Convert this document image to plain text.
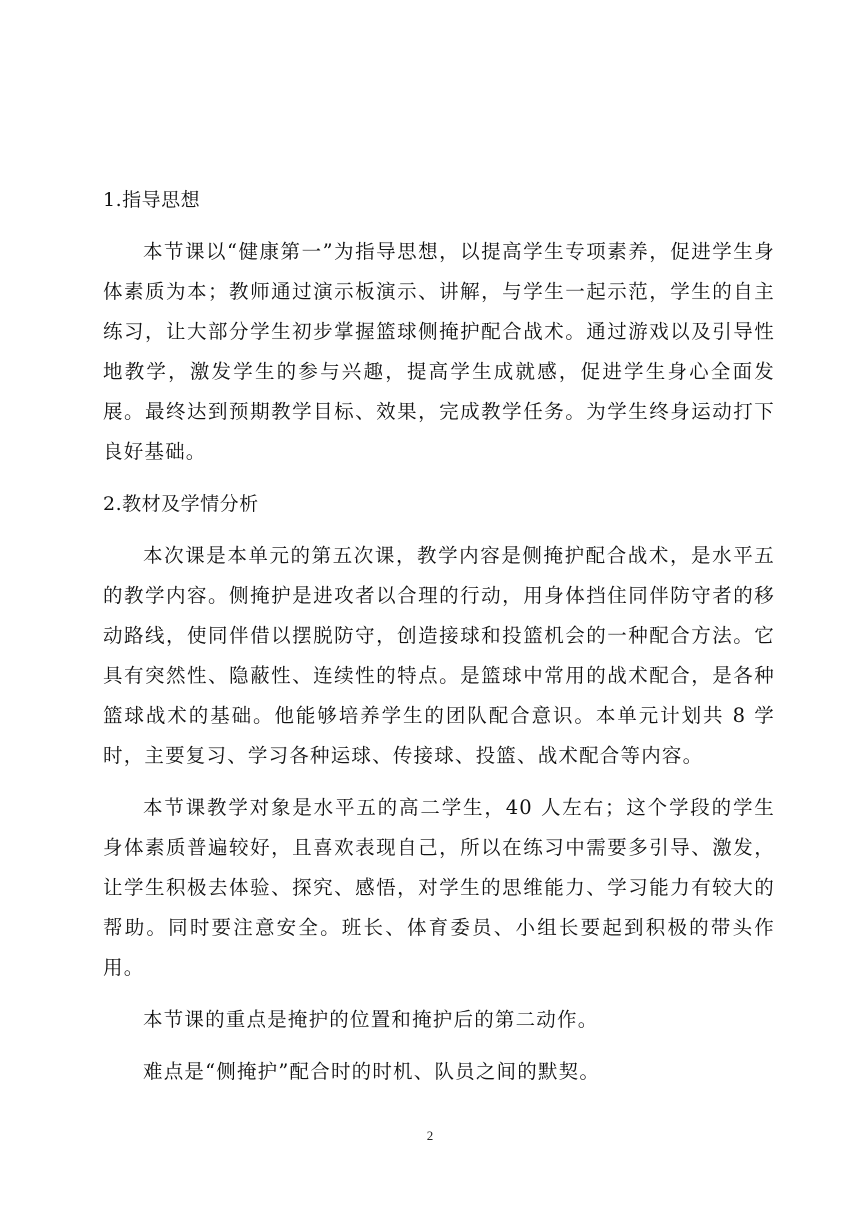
1.指导思想

本节课以“健康第一”为指导思想，以提高学生专项素养，促进学生身体素质为本；教师通过演示板演示、讲解，与学生一起示范，学生的自主练习，让大部分学生初步掌握篮球侧掩护配合战术。通过游戏以及引导性地教学，激发学生的参与兴趣，提高学生成就感，促进学生身心全面发展。最终达到预期教学目标、效果，完成教学任务。为学生终身运动打下良好基础。

2.教材及学情分析

本次课是本单元的第五次课，教学内容是侧掩护配合战术，是水平五的教学内容。侧掩护是进攻者以合理的行动，用身体挡住同伴防守者的移动路线，使同伴借以摆脱防守，创造接球和投篮机会的一种配合方法。它具有突然性、隐蔽性、连续性的特点。是篮球中常用的战术配合，是各种篮球战术的基础。他能够培养学生的团队配合意识。本单元计划共 8 学时，主要复习、学习各种运球、传接球、投篮、战术配合等内容。

本节课教学对象是水平五的高二学生，40 人左右；这个学段的学生身体素质普遍较好，且喜欢表现自己，所以在练习中需要多引导、激发，让学生积极去体验、探究、感悟，对学生的思维能力、学习能力有较大的帮助。同时要注意安全。班长、体育委员、小组长要起到积极的带头作用。

本节课的重点是掩护的位置和掩护后的第二动作。

难点是“侧掩护”配合时的时机、队员之间的默契。

2
